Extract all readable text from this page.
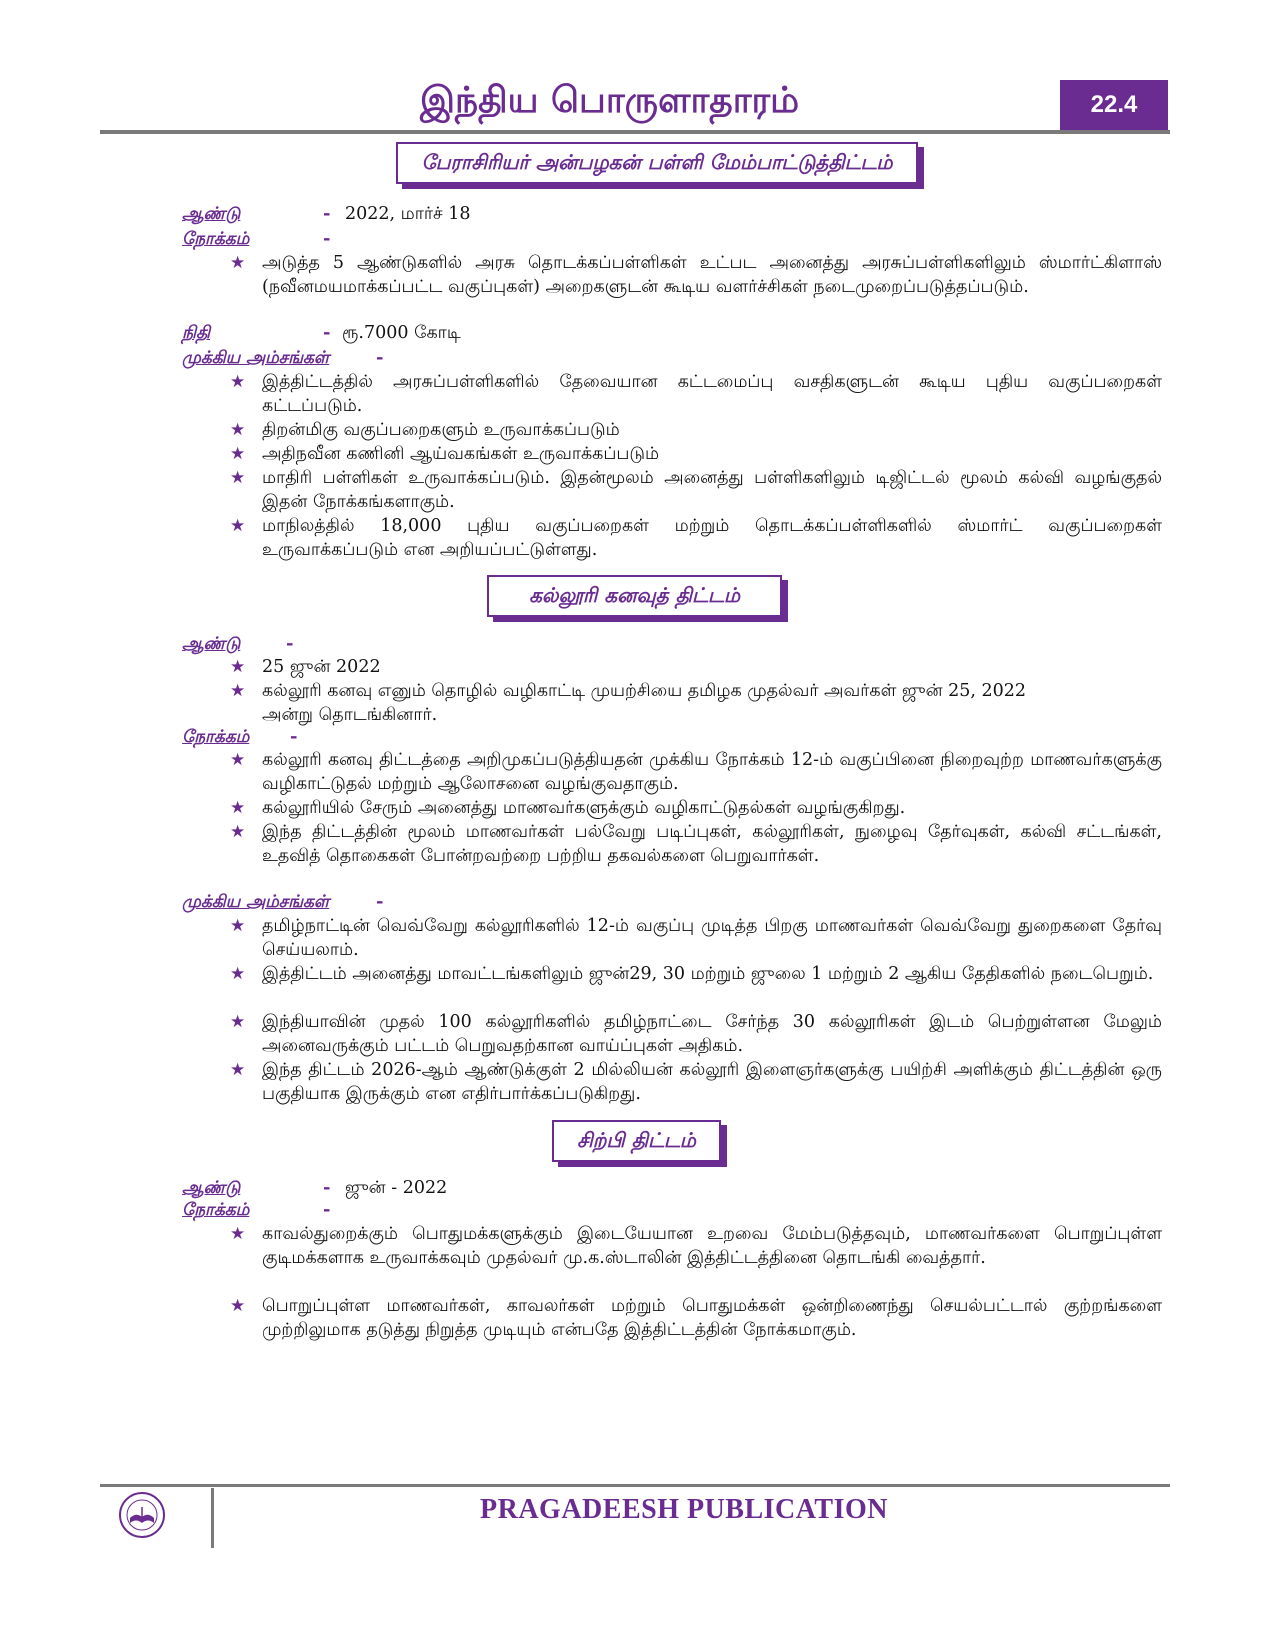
இந்திய பொருளாதாரம்	22.4
பேராசிரியர் அன்பழகன் பள்ளி மேம்பாட்டுத்திட்டம்
ஆண்டு	- 2022, மார்ச் 18
நோக்கம்	-
★ அடுத்த 5 ஆண்டுகளில் அரசு தொடக்கப்பள்ளிகள் உட்பட அனைத்து அரசுப்பள்ளிகளிலும் ஸ்மார்ட்கிளாஸ் (நவீனமயமாக்கப்பட்ட வகுப்புகள்) அறைகளுடன் கூடிய வளர்ச்சிகள் நடைமுறைப்படுத்தப்படும்.
நிதி	- ரூ.7000 கோடி
முக்கிய அம்சங்கள்	-
★ இத்திட்டத்தில் அரசுப்பள்ளிகளில் தேவையான கட்டமைப்பு வசதிகளுடன் கூடிய புதிய வகுப்பறைகள் கட்டப்படும்.
★ திறன்மிகு வகுப்பறைகளும் உருவாக்கப்படும்
★ அதிநவீன கணினி ஆய்வகங்கள் உருவாக்கப்படும்
★ மாதிரி பள்ளிகள் உருவாக்கப்படும். இதன்மூலம் அனைத்து பள்ளிகளிலும் டிஜிட்டல் மூலம் கல்வி வழங்குதல் இதன் நோக்கங்களாகும்.
★ மாநிலத்தில் 18,000 புதிய வகுப்பறைகள் மற்றும் தொடக்கப்பள்ளிகளில் ஸ்மார்ட் வகுப்பறைகள் உருவாக்கப்படும் என அறியப்பட்டுள்ளது.
கல்லூரி கனவுத் திட்டம்
ஆண்டு	-
★ 25 ஜுன் 2022
★ கல்லூரி கனவு எனும் தொழில் வழிகாட்டி முயற்சியை தமிழக முதல்வர் அவர்கள் ஜுன் 25, 2022 அன்று தொடங்கினார்.
நோக்கம் -
★ கல்லூரி கனவு திட்டத்தை அறிமுகப்படுத்தியதன் முக்கிய நோக்கம் 12-ம் வகுப்பினை நிறைவுற்ற மாணவர்களுக்கு வழிகாட்டுதல் மற்றும் ஆலோசனை வழங்குவதாகும்.
★ கல்லூரியில் சேரும் அனைத்து மாணவர்களுக்கும் வழிகாட்டுதல்கள் வழங்குகிறது.
★ இந்த திட்டத்தின் மூலம் மாணவர்கள் பல்வேறு படிப்புகள், கல்லூரிகள், நுழைவு தேர்வுகள், கல்வி சட்டங்கள், உதவித் தொகைகள் போன்றவற்றை பற்றிய தகவல்களை பெறுவார்கள்.
முக்கிய அம்சங்கள்	-
★ தமிழ்நாட்டின் வெவ்வேறு கல்லூரிகளில் 12-ம் வகுப்பு முடித்த பிறகு மாணவர்கள் வெவ்வேறு துறைகளை தேர்வு செய்யலாம்.
★ இத்திட்டம் அனைத்து மாவட்டங்களிலும் ஜுன்29, 30 மற்றும் ஜுலை 1 மற்றும் 2 ஆகிய தேதிகளில் நடைபெறும்.
★ இந்தியாவின் முதல் 100 கல்லூரிகளில் தமிழ்நாட்டை சேர்ந்த 30 கல்லூரிகள் இடம் பெற்றுள்ளன மேலும் அனைவருக்கும் பட்டம் பெறுவதற்கான வாய்ப்புகள் அதிகம்.
★ இந்த திட்டம் 2026-ஆம் ஆண்டுக்குள் 2 மில்லியன் கல்லூரி இளைஞர்களுக்கு பயிற்சி அளிக்கும் திட்டத்தின் ஒரு பகுதியாக இருக்கும் என எதிர்பார்க்கப்படுகிறது.
சிற்பி திட்டம்
ஆண்டு	- ஜுன் - 2022
நோக்கம்	-
★ காவல்துறைக்கும் பொதுமக்களுக்கும் இடையேயான உறவை மேம்படுத்தவும், மாணவர்களை பொறுப்புள்ள குடிமக்களாக உருவாக்கவும் முதல்வர் மு.க.ஸ்டாலின் இத்திட்டத்தினை தொடங்கி வைத்தார்.
★ பொறுப்புள்ள மாணவர்கள், காவலர்கள் மற்றும் பொதுமக்கள் ஒன்றிணைந்து செயல்பட்டால் குற்றங்களை முற்றிலுமாக தடுத்து நிறுத்த முடியும் என்பதே இத்திட்டத்தின் நோக்கமாகும்.
PRAGADEESH PUBLICATION
